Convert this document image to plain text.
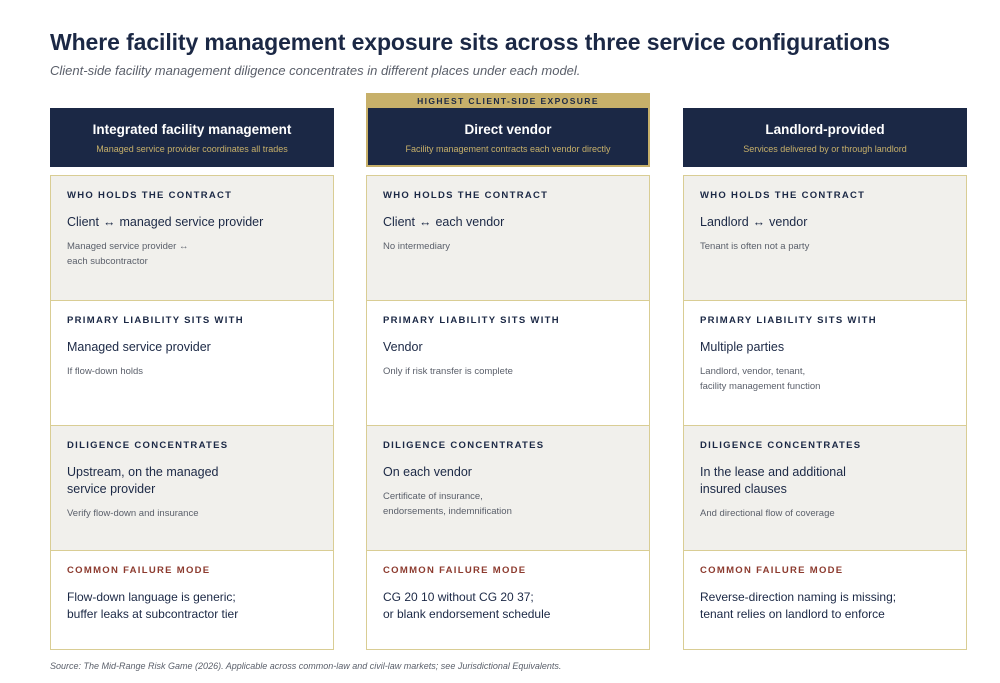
Where facility management exposure sits across three service configurations
Client-side facility management diligence concentrates in different places under each model.
HIGHEST CLIENT-SIDE EXPOSURE
Integrated facility management
Managed service provider coordinates all trades
WHO HOLDS THE CONTRACT
Client ↔ managed service provider
Managed service provider ↔
each subcontractor
PRIMARY LIABILITY SITS WITH
Managed service provider
If flow-down holds
DILIGENCE CONCENTRATES
Upstream, on the managed
service provider
Verify flow-down and insurance
COMMON FAILURE MODE
Flow-down language is generic;
buffer leaks at subcontractor tier
Direct vendor
Facility management contracts each vendor directly
WHO HOLDS THE CONTRACT
Client ↔ each vendor
No intermediary
PRIMARY LIABILITY SITS WITH
Vendor
Only if risk transfer is complete
DILIGENCE CONCENTRATES
On each vendor
Certificate of insurance,
endorsements, indemnification
COMMON FAILURE MODE
CG 20 10 without CG 20 37;
or blank endorsement schedule
Landlord-provided
Services delivered by or through landlord
WHO HOLDS THE CONTRACT
Landlord ↔ vendor
Tenant is often not a party
PRIMARY LIABILITY SITS WITH
Multiple parties
Landlord, vendor, tenant,
facility management function
DILIGENCE CONCENTRATES
In the lease and additional
insured clauses
And directional flow of coverage
COMMON FAILURE MODE
Reverse-direction naming is missing;
tenant relies on landlord to enforce
Source: The Mid-Range Risk Game (2026). Applicable across common-law and civil-law markets; see Jurisdictional Equivalents.
